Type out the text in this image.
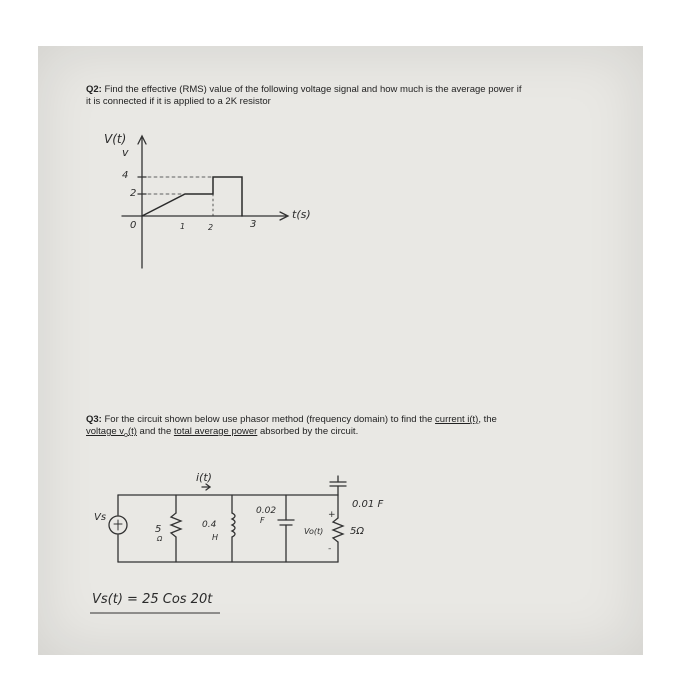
Q2: Find the effective (RMS) value of the following voltage signal and how much is the average power if
it is connected if it is applied to a 2K resistor
V(t)
v
4
2
0	1	2	3
t(s)
Q3: For the circuit shown below use phasor method (frequency domain) to find the current i(t), the
voltage $v_o(t)$ and the total average power absorbed by the circuit.
i(t)
Vs
5
Ω
0.4
H
0.02
F
0.01 F
+
Vo(t)	5Ω
-
Vs(t) = 25 Cos 20t
